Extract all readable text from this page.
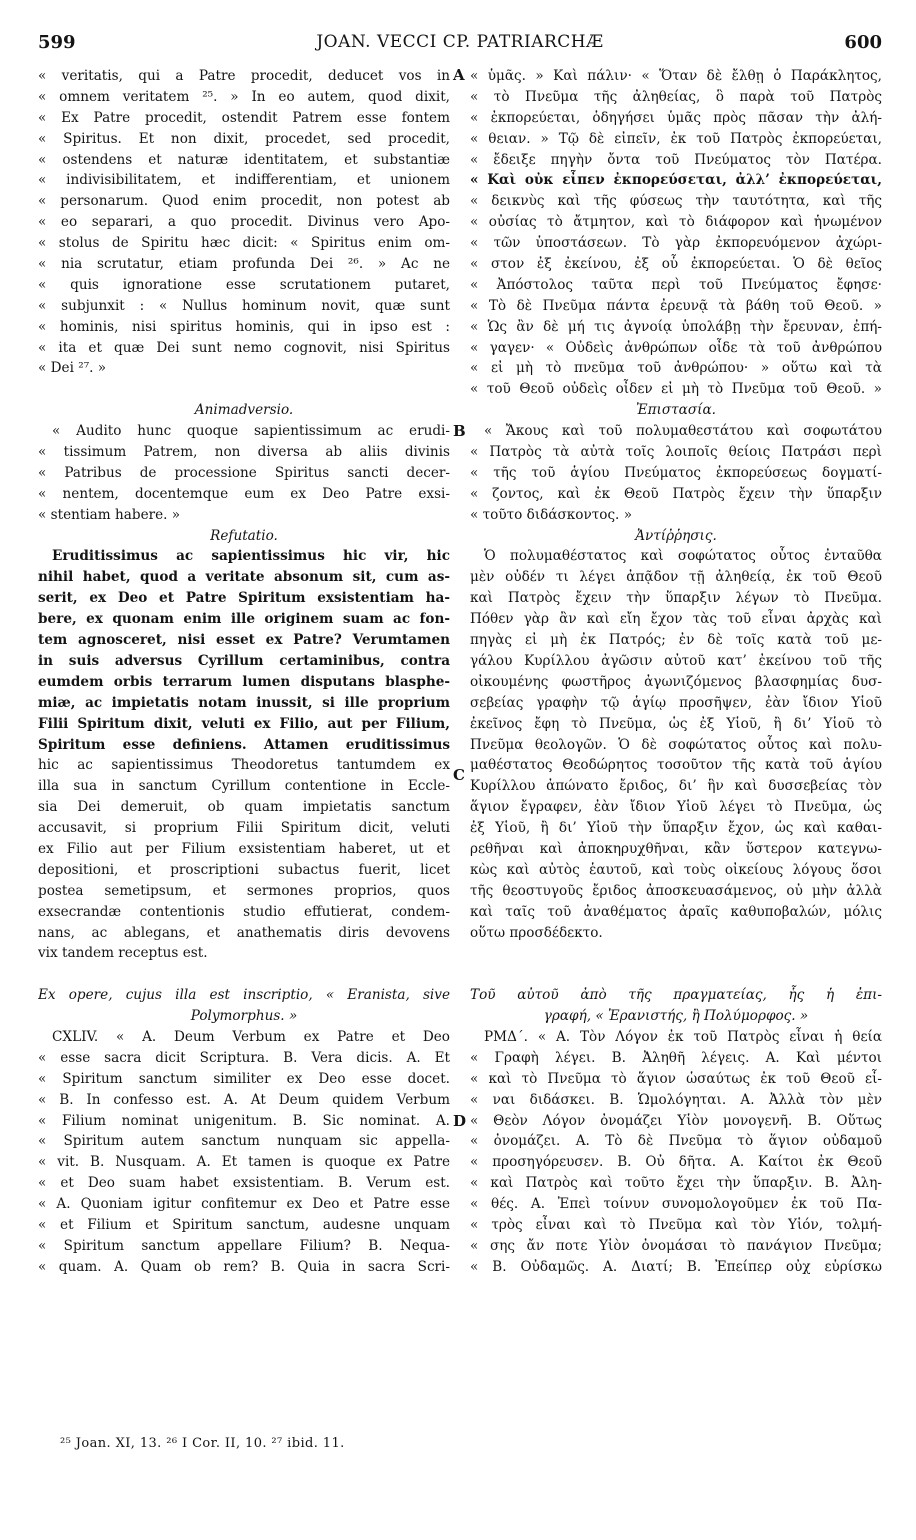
599	JOAN. VECCI CP. PATRIARCHÆ	600
« veritatis, qui a Patre procedit, deducet vos in
« omnem veritatem ²⁵. » In eo autem, quod dixit,
« Ex Patre procedit, ostendit Patrem esse fontem
« Spiritus. Et non dixit, procedet, sed procedit,
« ostendens et naturæ identitatem, et substantiæ
« indivisibilitatem, et indifferentiam, et unionem
« personarum. Quod enim procedit, non potest ab
« eo separari, a quo procedit. Divinus vero Apo-
« stolus de Spiritu hæc dicit: « Spiritus enim om-
« nia scrutatur, etiam profunda Dei ²⁶. » Ac ne
« quis ignoratione esse scrutationem putaret,
« subjunxit : « Nullus hominum novit, quæ sunt
« hominis, nisi spiritus hominis, qui in ipso est :
« ita et quæ Dei sunt nemo cognovit, nisi Spiritus
« Dei ²⁷. »
Animadversio.
« Audito hunc quoque sapientissimum ac erudi-
« tissimum Patrem, non diversa ab aliis divinis
« Patribus de processione Spiritus sancti decer-
« nentem, docentemque eum ex Deo Patre exsi-
« stentiam habere. »
Refutatio.
Eruditissimus ac sapientissimus hic vir, hic
nihil habet, quod a veritate absonum sit, cum as-
serit, ex Deo et Patre Spiritum exsistentiam ha-
bere, ex quonam enim ille originem suam ac fon-
tem agnosceret, nisi esset ex Patre? Verumtamen
in suis adversus Cyrillum certaminibus, contra
eumdem orbis terrarum lumen disputans blasphe-
miæ, ac impietatis notam inussit, si ille proprium
Filii Spiritum dixit, veluti ex Filio, aut per Filium,
Spiritum esse definiens. Attamen eruditissimus
hic ac sapientissimus Theodoretus tantumdem ex
illa sua in sanctum Cyrillum contentione in Eccle-
sia Dei demeruit, ob quam impietatis sanctum
accusavit, si proprium Filii Spiritum dicit, veluti
ex Filio aut per Filium exsistentiam haberet, ut et
depositioni, et proscriptioni subactus fuerit, licet
postea semetipsum, et sermones proprios, quos
exsecrandæ contentionis studio effutierat, condem-
nans, ac ablegans, et anathematis diris devovens
vix tandem receptus est.
Ex opere, cujus illa est inscriptio, « Eranista, sive
Polymorphus. »
CXLIV. « A. Deum Verbum ex Patre et Deo
« esse sacra dicit Scriptura. B. Vera dicis. A. Et
« Spiritum sanctum similiter ex Deo esse docet.
« B. In confesso est. A. At Deum quidem Verbum
« Filium nominat unigenitum. B. Sic nominat. A.
« Spiritum autem sanctum nunquam sic appella-
« vit. B. Nusquam. A. Et tamen is quoque ex Patre
« et Deo suam habet exsistentiam. B. Verum est.
« A. Quoniam igitur confitemur ex Deo et Patre esse
« et Filium et Spiritum sanctum, audesne unquam
« Spiritum sanctum appellare Filium? B. Nequa-
« quam. A. Quam ob rem? B. Quia in sacra Scri-
« ὑμᾶς. » Καὶ πάλιν· « Ὅταν δὲ ἔλθῃ ὁ Παράκλητος,
« τὸ Πνεῦμα τῆς ἀληθείας, ὃ παρὰ τοῦ Πατρὸς
« ἐκπορεύεται, ὁδηγήσει ὑμᾶς πρὸς πᾶσαν τὴν ἀλή-
« θειαν. » Τῷ δὲ εἰπεῖν, ἐκ τοῦ Πατρὸς ἐκπορεύεται,
« ἔδειξε πηγὴν ὄντα τοῦ Πνεύματος τὸν Πατέρα.
« Καὶ οὐκ εἶπεν ἐκπορεύσεται, ἀλλ’ ἐκπορεύεται,
« δεικνὺς καὶ τῆς φύσεως τὴν ταυτότητα, καὶ τῆς
« οὐσίας τὸ ἄτμητον, καὶ τὸ διάφορον καὶ ἡνωμένον
« τῶν ὑποστάσεων. Τὸ γὰρ ἐκπορευόμενον ἀχώρι-
« στον ἐξ ἐκείνου, ἐξ οὗ ἐκπορεύεται. Ὁ δὲ θεῖος
« Ἀπόστολος ταῦτα περὶ τοῦ Πνεύματος ἔφησε·
« Τὸ δὲ Πνεῦμα πάντα ἐρευνᾷ τὰ βάθη τοῦ Θεοῦ. »
« Ὡς ἂν δὲ μή τις ἀγνοίᾳ ὑπολάβῃ τὴν ἔρευναν, ἐπή-
« γαγεν· « Οὐδεὶς ἀνθρώπων οἶδε τὰ τοῦ ἀνθρώπου
« εἰ μὴ τὸ πνεῦμα τοῦ ἀνθρώπου· » οὕτω καὶ τὰ
« τοῦ Θεοῦ οὐδεὶς οἶδεν εἰ μὴ τὸ Πνεῦμα τοῦ Θεοῦ. »
Ἐπιστασία.
« Ἄκους καὶ τοῦ πολυμαθεστάτου καὶ σοφωτάτου
« Πατρὸς τὰ αὐτὰ τοῖς λοιποῖς θείοις Πατράσι περὶ
« τῆς τοῦ ἁγίου Πνεύματος ἐκπορεύσεως δογματί-
« ζοντος, καὶ ἐκ Θεοῦ Πατρὸς ἔχειν τὴν ὕπαρξιν
« τοῦτο διδάσκοντος. »
Ἀντίῤῥησις.
Ὁ πολυμαθέστατος καὶ σοφώτατος οὗτος ἐνταῦθα
μὲν οὐδέν τι λέγει ἀπᾷδον τῇ ἀληθείᾳ, ἐκ τοῦ Θεοῦ
καὶ Πατρὸς ἔχειν τὴν ὕπαρξιν λέγων τὸ Πνεῦμα.
Πόθεν γὰρ ἂν καὶ εἴη ἔχον τὰς τοῦ εἶναι ἀρχὰς καὶ
πηγὰς εἰ μὴ ἐκ Πατρός; ἐν δὲ τοῖς κατὰ τοῦ με-
γάλου Κυρίλλου ἀγῶσιν αὐτοῦ κατ’ ἐκείνου τοῦ τῆς
οἰκουμένης φωστῆρος ἀγωνιζόμενος βλασφημίας δυσ-
σεβείας γραφὴν τῷ ἁγίῳ προσῆψεν, ἐὰν ἴδιον Υἱοῦ
ἐκεῖνος ἔφη τὸ Πνεῦμα, ὡς ἐξ Υἱοῦ, ἢ δι’ Υἱοῦ τὸ
Πνεῦμα θεολογῶν. Ὁ δὲ σοφώτατος οὗτος καὶ πολυ-
μαθέστατος Θεοδώρητος τοσοῦτον τῆς κατὰ τοῦ ἁγίου
Κυρίλλου ἀπώνατο ἔριδος, δι’ ἣν καὶ δυσσεβείας τὸν
ἅγιον ἔγραφεν, ἐὰν ἴδιον Υἱοῦ λέγει τὸ Πνεῦμα, ὡς
ἐξ Υἱοῦ, ἢ δι’ Υἱοῦ τὴν ὕπαρξιν ἔχον, ὡς καὶ καθαι-
ρεθῆναι καὶ ἀποκηρυχθῆναι, κἂν ὕστερον κατεγνω-
κὼς καὶ αὐτὸς ἑαυτοῦ, καὶ τοὺς οἰκείους λόγους ὅσοι
τῆς θεοστυγοῦς ἔριδος ἀποσκευασάμενος, οὐ μὴν ἀλλὰ
καὶ ταῖς τοῦ ἀναθέματος ἀραῖς καθυποβαλών, μόλις
οὕτω προσδέδεκτο.
Τοῦ αὐτοῦ ἀπὸ τῆς πραγματείας, ἧς ἡ ἐπι-
γραφή, « Ἐρανιστής, ἢ Πολύμορφος. »
ΡΜΔ΄. « Α. Τὸν Λόγον ἐκ τοῦ Πατρὸς εἶναι ἡ θεία
« Γραφὴ λέγει. Β. Ἀληθῆ λέγεις. Α. Καὶ μέντοι
« καὶ τὸ Πνεῦμα τὸ ἅγιον ὡσαύτως ἐκ τοῦ Θεοῦ εἶ-
« ναι διδάσκει. Β. Ὡμολόγηται. Α. Ἀλλὰ τὸν μὲν
« Θεὸν Λόγον ὀνομάζει Υἱὸν μονογενῆ. Β. Οὕτως
« ὀνομάζει. Α. Τὸ δὲ Πνεῦμα τὸ ἅγιον οὐδαμοῦ
« προσηγόρευσεν. Β. Οὐ δῆτα. Α. Καίτοι ἐκ Θεοῦ
« καὶ Πατρὸς καὶ τοῦτο ἔχει τὴν ὕπαρξιν. Β. Ἀλη-
« θές. Α. Ἐπεὶ τοίνυν συνομολογοῦμεν ἐκ τοῦ Πα-
« τρὸς εἶναι καὶ τὸ Πνεῦμα καὶ τὸν Υἱόν, τολμή-
« σης ἄν ποτε Υἱὸν ὀνομάσαι τὸ πανάγιον Πνεῦμα;
« Β. Οὐδαμῶς. Α. Διατί; Β. Ἐπείπερ οὐχ εὑρίσκω
A
B
C
D
²⁵ Joan. XI, 13. ²⁶ I Cor. II, 10. ²⁷ ibid. 11.
